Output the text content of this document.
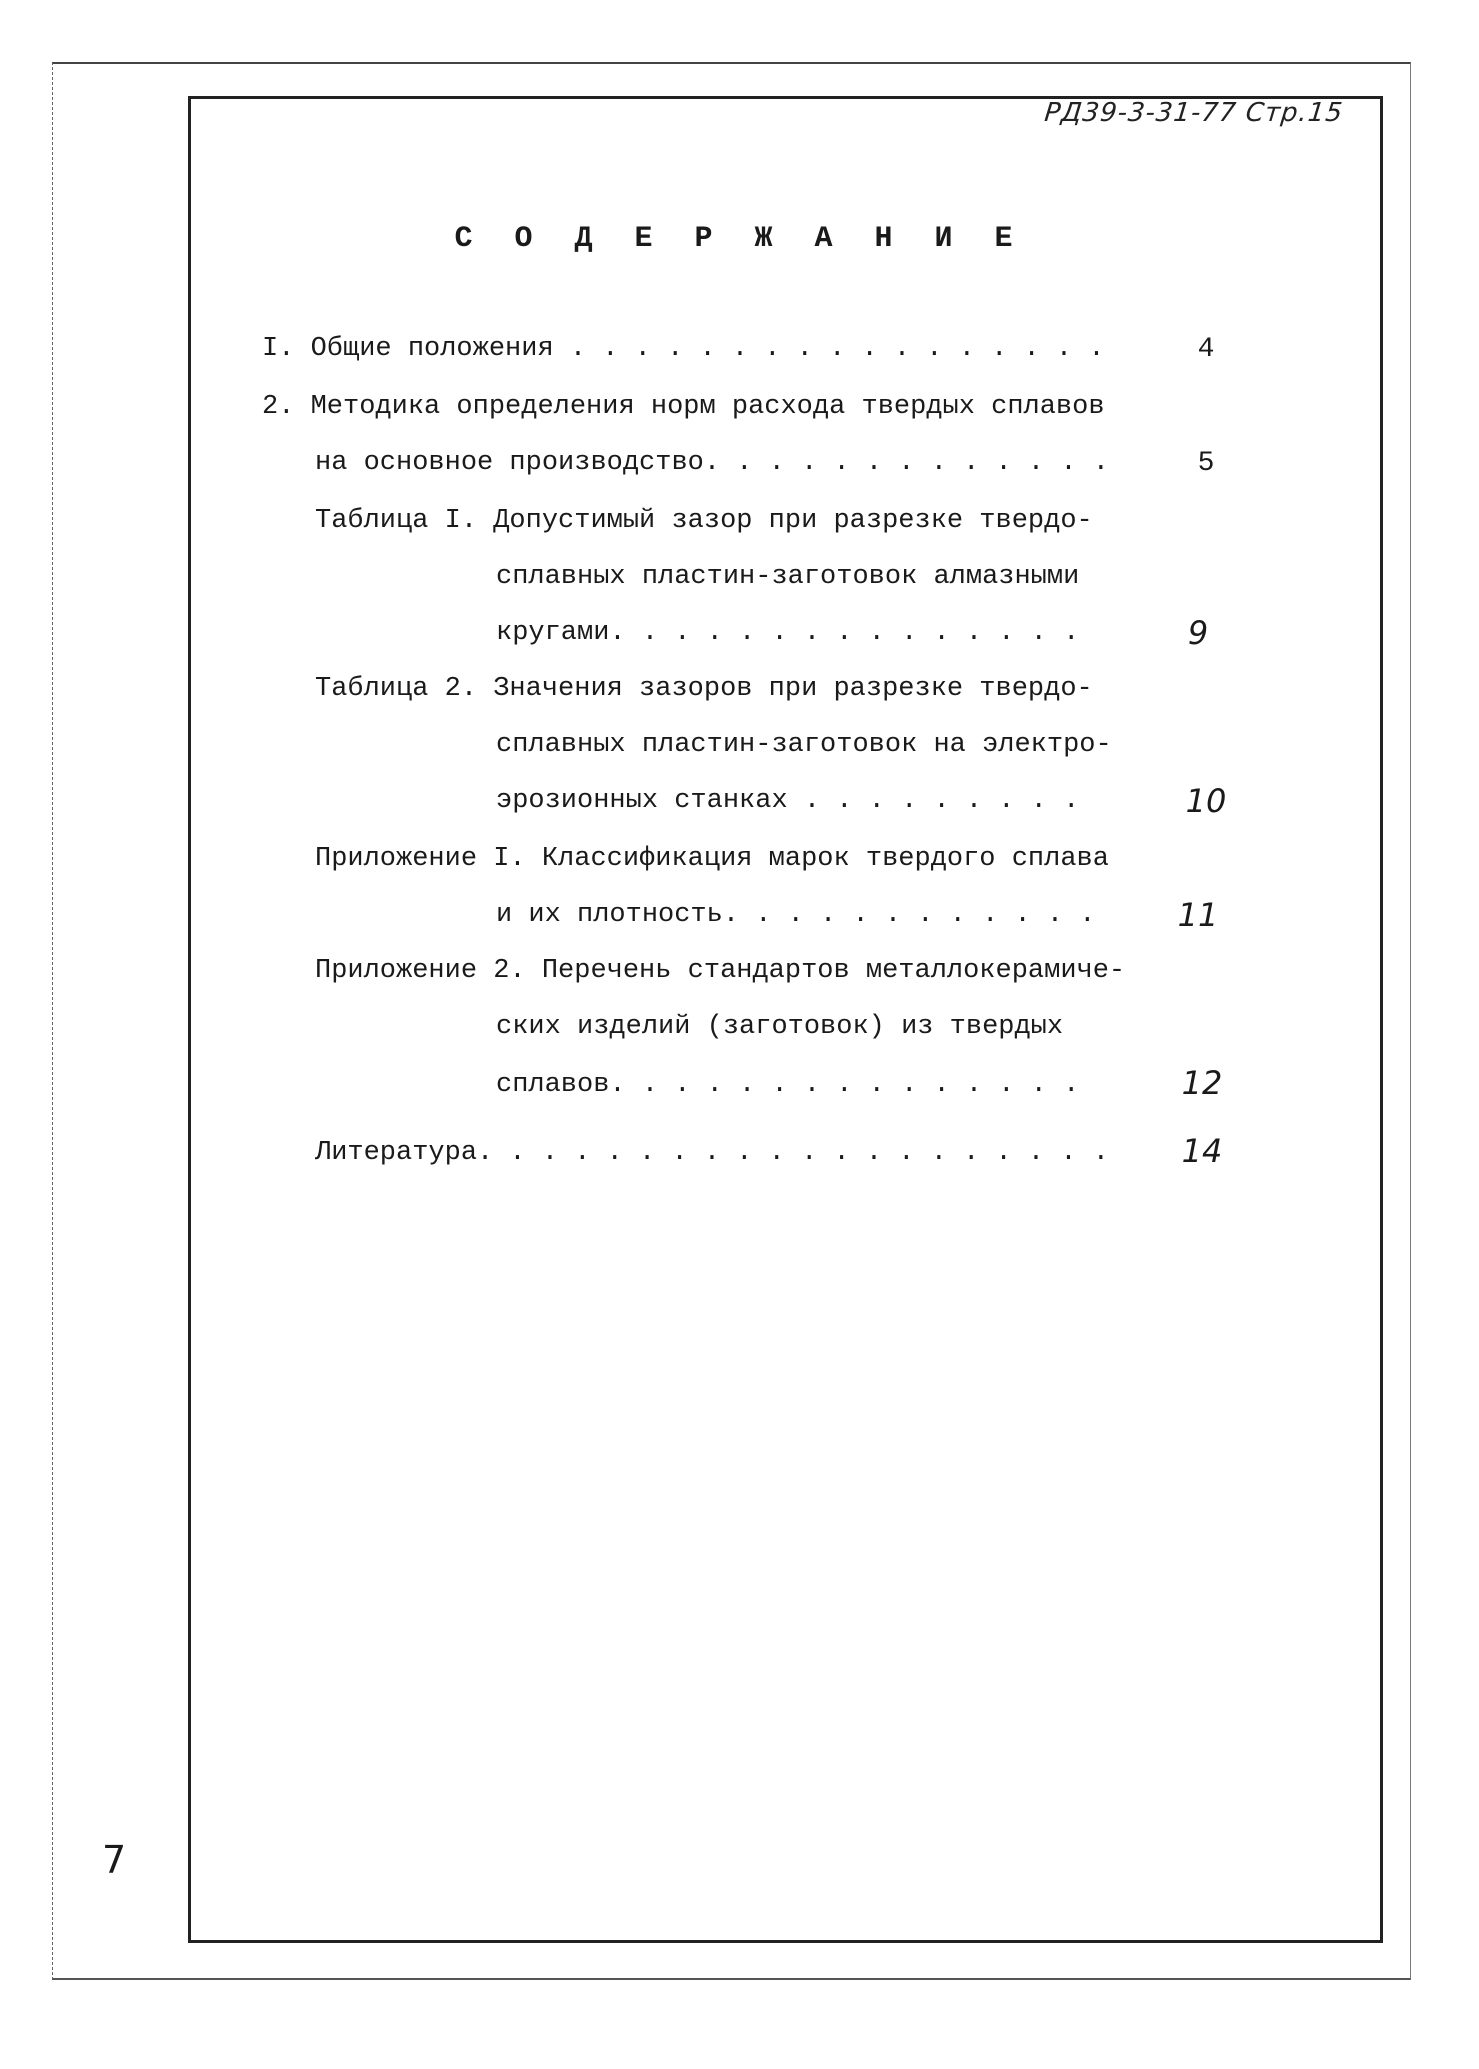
РД39-3-31-77 Стр.15
С О Д Е Р Ж А Н И Е
I. Общие положения . . . . . . . . . . . . . . . . .	4
2. Методика определения норм расхода твердых сплавов
на основное производство. . . . . . . . . . . . .	5
Таблица I. Допустимый зазор при разрезке твердо-
сплавных пластин-заготовок алмазными
кругами. . . . . . . . . . . . . . .	9
Таблица 2. Значения зазоров при разрезке твердо-
сплавных пластин-заготовок на электро-
эрозионных станках . . . . . . . . .	10
Приложение I. Классификация марок твердого сплава
и их плотность. . . . . . . . . . . .	11
Приложение 2. Перечень стандартов металлокерамиче-
ских изделий (заготовок) из твердых
сплавов. . . . . . . . . . . . . . .	12
Литература. . . . . . . . . . . . . . . . . . . .	14
7
